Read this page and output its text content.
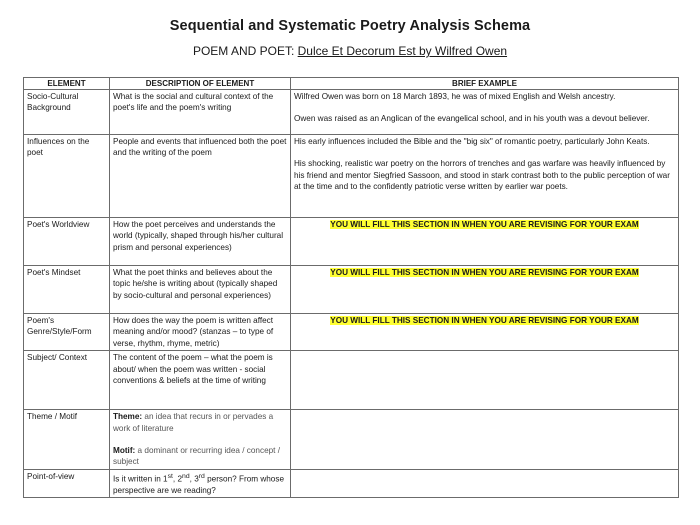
Sequential and Systematic Poetry Analysis Schema
POEM AND POET: Dulce Et Decorum Est by Wilfred Owen
ELEMENT	DESCRIPTION OF ELEMENT	BRIEF EXAMPLE
Socio-Cultural Background	What is the social and cultural context of the poet's life and the poem's writing	Wilfred Owen was born on 18 March 1893, he was of mixed English and Welsh ancestry.

Owen was raised as an Anglican of the evangelical school, and in his youth was a devout believer.

Influences on the poet	People and events that influenced both the poet and the writing of the poem	His early influences included the Bible and the "big six" of romantic poetry, particularly John Keats.

His shocking, realistic war poetry on the horrors of trenches and gas warfare was heavily influenced by his friend and mentor Siegfried Sassoon, and stood in stark contrast both to the public perception of war at the time and to the confidently patriotic verse written by earlier war poets.

Poet's Worldview	How the poet perceives and understands the world (typically, shaped through his/her cultural prism and personal experiences)	YOU WILL FILL THIS SECTION IN WHEN YOU ARE REVISING FOR YOUR EXAM
Poet's Mindset	What the poet thinks and believes about the topic he/she is writing about (typically shaped by socio-cultural and personal experiences)	YOU WILL FILL THIS SECTION IN WHEN YOU ARE REVISING FOR YOUR EXAM
Poem's Genre/Style/Form	How does the way the poem is written affect meaning and/or mood? (stanzas – to type of verse, rhythm, rhyme, metric)	YOU WILL FILL THIS SECTION IN WHEN YOU ARE REVISING FOR YOUR EXAM
Subject/ Context	The content of the poem – what the poem is about/ when the poem was written - social conventions & beliefs at the time of writing	
Theme / Motif	Theme: an idea that recurs in or pervades a work of literature

Motif: a dominant or recurring idea / concept / subject	

Point-of-view	Is it written in 1st, 2nd, 3rd person? From whose perspective are we reading?	
